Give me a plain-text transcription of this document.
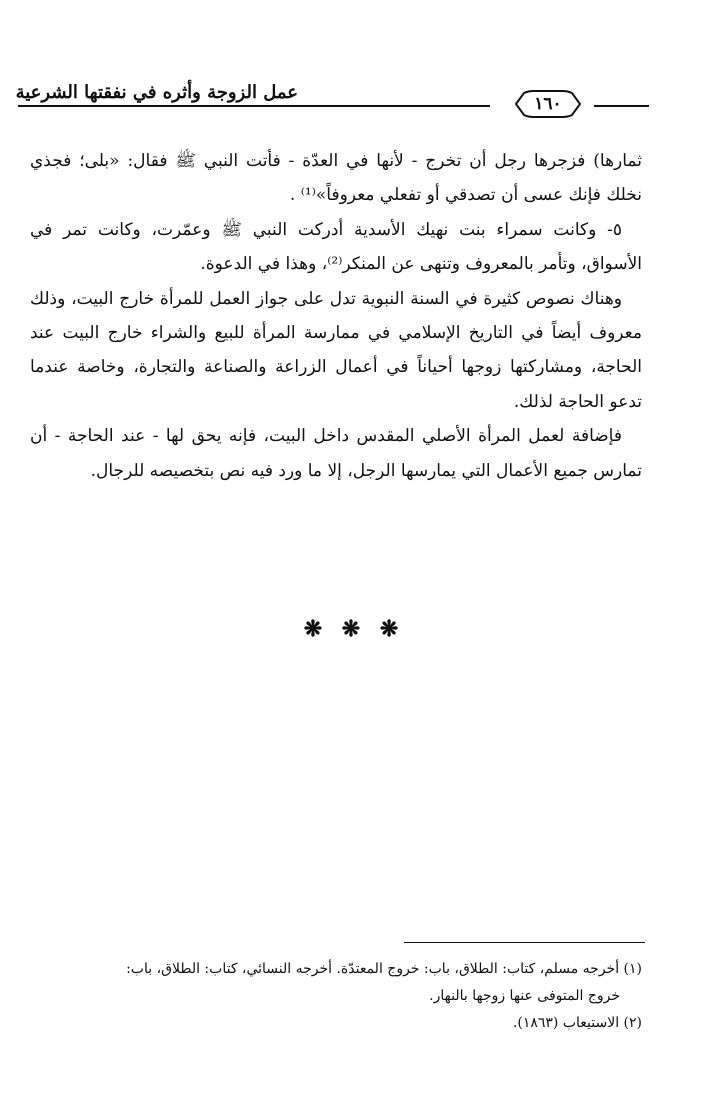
عمل الزوجة وأثره في نفقتها الشرعية
١٦٠

ثمارها) فزجرها رجل أن تخرج - لأنها في العدّة - فأتت النبي ﷺ فقال: «بلى؛ فجذي نخلك فإنك عسى أن تصدقي أو تفعلي معروفاً»⁽¹⁾ .

٥- وكانت سمراء بنت نهيك الأسدية أدركت النبي ﷺ وعمّرت، وكانت تمر في الأسواق، وتأمر بالمعروف وتنهى عن المنكر⁽²⁾، وهذا في الدعوة.

وهناك نصوص كثيرة في السنة النبوية تدل على جواز العمل للمرأة خارج البيت، وذلك معروف أيضاً في التاريخ الإسلامي في ممارسة المرأة للبيع والشراء خارج البيت عند الحاجة، ومشاركتها زوجها أحياناً في أعمال الزراعة والصناعة والتجارة، وخاصة عندما تدعو الحاجة لذلك.

فإضافة لعمل المرأة الأصلي المقدس داخل البيت، فإنه يحق لها - عند الحاجة - أن تمارس جميع الأعمال التي يمارسها الرجل، إلا ما ورد فيه نص بتخصيصه للرجال.

❋ ❋ ❋

(١) أخرجه مسلم، كتاب: الطلاق، باب: خروج المعتدّة. أخرجه النسائي، كتاب: الطلاق، باب:

خروج المتوفى عنها زوجها بالنهار.

(٢) الاستيعاب (١٨٦٣).
